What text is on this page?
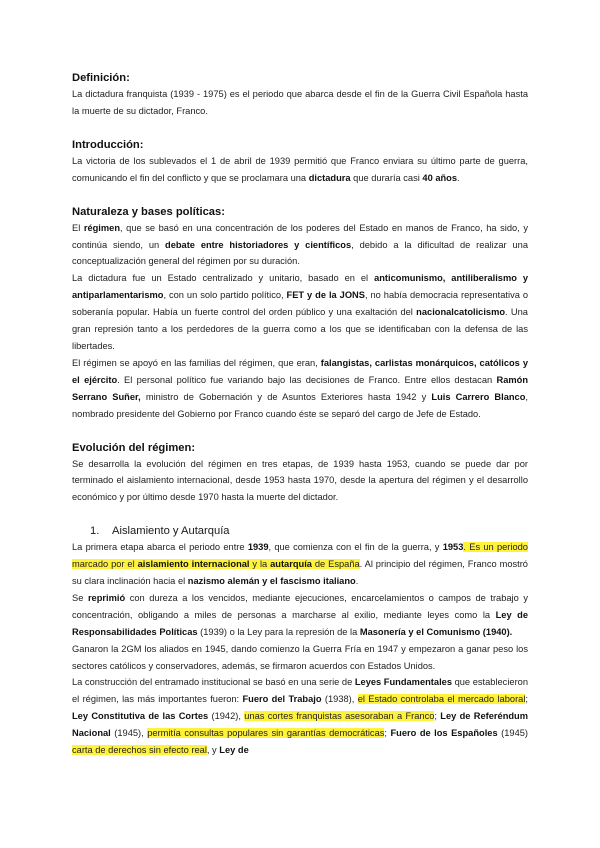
Definición:

La dictadura franquista (1939 - 1975) es el periodo que abarca desde el fin de la Guerra Civil Española hasta la muerte de su dictador, Franco.

Introducción:

La victoria de los sublevados el 1 de abril de 1939 permitió que Franco enviara su último parte de guerra, comunicando el fin del conflicto y que se proclamara una dictadura que duraría casi 40 años.

Naturaleza y bases políticas:

El régimen, que se basó en una concentración de los poderes del Estado en manos de Franco, ha sido, y continúa siendo, un debate entre historiadores y científicos, debido a la dificultad de realizar una conceptualización general del régimen por su duración.

La dictadura fue un Estado centralizado y unitario, basado en el anticomunismo, antiliberalismo y antiparlamentarismo, con un solo partido político, FET y de la JONS, no había democracia representativa o soberanía popular. Había un fuerte control del orden público y una exaltación del nacionalcatolicismo. Una gran represión tanto a los perdedores de la guerra como a los que se identificaban con la defensa de las libertades.

El régimen se apoyó en las familias del régimen, que eran, falangistas, carlistas monárquicos, católicos y el ejército. El personal político fue variando bajo las decisiones de Franco. Entre ellos destacan Ramón Serrano Suñer, ministro de Gobernación y de Asuntos Exteriores hasta 1942 y Luis Carrero Blanco, nombrado presidente del Gobierno por Franco cuando éste se separó del cargo de Jefe de Estado.

Evolución del régimen:

Se desarrolla la evolución del régimen en tres etapas, de 1939 hasta 1953, cuando se puede dar por terminado el aislamiento internacional, desde 1953 hasta 1970, desde la apertura del régimen y el desarrollo económico y por último desde 1970 hasta la muerte del dictador.

1.	Aislamiento y Autarquía

La primera etapa abarca el periodo entre 1939, que comienza con el fin de la guerra, y 1953. Es un periodo marcado por el aislamiento internacional y la autarquía de España. Al principio del régimen, Franco mostró su clara inclinación hacia el nazismo alemán y el fascismo italiano.

Se reprimió con dureza a los vencidos, mediante ejecuciones, encarcelamientos o campos de trabajo y concentración, obligando a miles de personas a marcharse al exilio, mediante leyes como la Ley de Responsabilidades Políticas (1939) o la Ley para la represión de la Masonería y el Comunismo (1940).

Ganaron la 2GM los aliados en 1945, dando comienzo la Guerra Fría en 1947 y empezaron a ganar peso los sectores católicos y conservadores, además, se firmaron acuerdos con Estados Unidos.

La construcción del entramado institucional se basó en una serie de Leyes Fundamentales que establecieron el régimen, las más importantes fueron: Fuero del Trabajo (1938), el Estado controlaba el mercado laboral; Ley Constitutiva de las Cortes (1942), unas cortes franquistas asesoraban a Franco; Ley de Referéndum Nacional (1945), permitía consultas populares sin garantías democráticas; Fuero de los Españoles (1945) carta de derechos sin efecto real, y Ley de
